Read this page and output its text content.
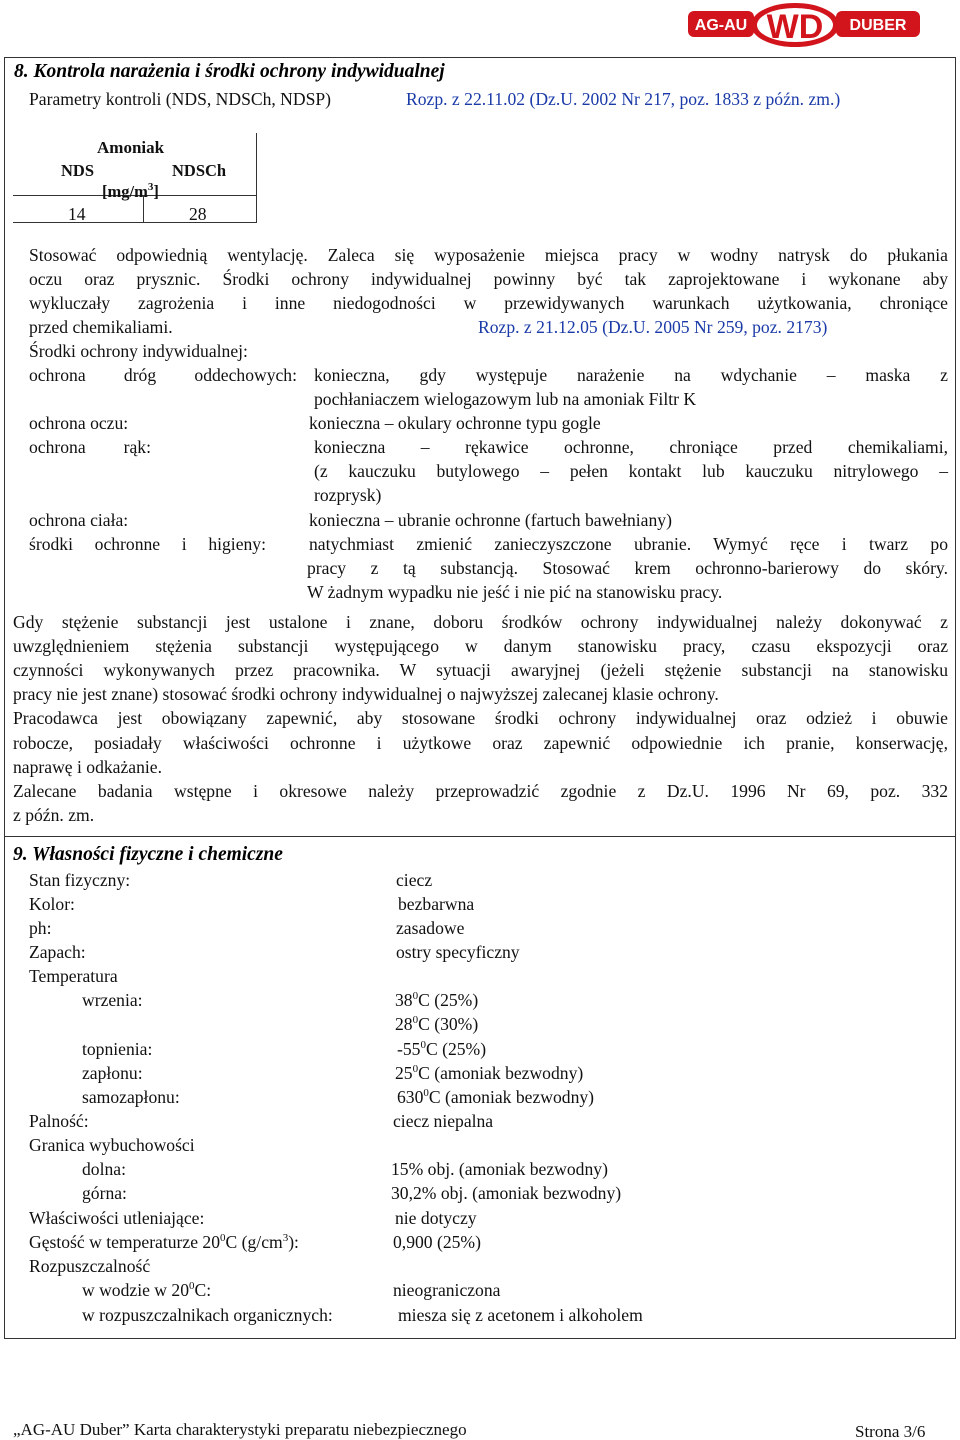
AG-AU	DUBER
WD
8. Kontrola narażenia i środki ochrony indywidualnej
Parametry kontroli (NDS, NDSCh, NDSP)	Rozp. z 22.11.02 (Dz.U. 2002 Nr 217, poz. 1833 z późn. zm.)
Amoniak
NDS	NDSCh
$[mg/m^3]$
14	28
Stosować odpowiednią wentylację. Zaleca się wyposażenie miejsca pracy w wodny natrysk do płukania
oczu oraz prysznic. Środki ochrony indywidualnej powinny być tak zaprojektowane i wykonane aby
wykluczały zagrożenia i inne niedogodności w przewidywanych warunkach użytkowania, chroniące
przed chemikaliami.	Rozp. z 21.12.05 (Dz.U. 2005 Nr 259, poz. 2173)
Środki ochrony indywidualnej:
ochrona dróg oddechowych: konieczna, gdy występuje narażenie na wdychanie – maska z
pochłaniaczem wielogazowym lub na amoniak Filtr K
ochrona oczu:	konieczna – okulary ochronne typu gogle
ochrona rąk:	konieczna – rękawice ochronne, chroniące przed chemikaliami,
(z kauczuku butylowego – pełen kontakt lub kauczuku nitrylowego –
rozprysk)
ochrona ciała:	konieczna – ubranie ochronne (fartuch bawełniany)
środki ochronne i higieny: natychmiast zmienić zanieczyszczone ubranie. Wymyć ręce i twarz po
pracy z tą substancją. Stosować krem ochronno-barierowy do skóry.
W żadnym wypadku nie jeść i nie pić na stanowisku pracy.
Gdy stężenie substancji jest ustalone i znane, doboru środków ochrony indywidualnej należy dokonywać z
uwzględnieniem stężenia substancji występującego w danym stanowisku pracy, czasu ekspozycji oraz
czynności wykonywanych przez pracownika. W sytuacji awaryjnej (jeżeli stężenie substancji na stanowisku
pracy nie jest znane) stosować środki ochrony indywidualnej o najwyższej zalecanej klasie ochrony.
Pracodawca jest obowiązany zapewnić, aby stosowane środki ochrony indywidualnej oraz odzież i obuwie
robocze, posiadały właściwości ochronne i użytkowe oraz zapewnić odpowiednie ich pranie, konserwację,
naprawę i odkażanie.
Zalecane badania wstępne i okresowe należy przeprowadzić zgodnie z Dz.U. 1996 Nr 69, poz. 332
z późn. zm.
9. Własności fizyczne i chemiczne
Stan fizyczny:	ciecz
Kolor:	bezbarwna
ph:	zasadowe
Zapach:	ostry specyficzny
Temperatura
wrzenia:	$38^0C$ (25%)
$28^0C$ (30%)
topnienia:	$-55^0C$ (25%)
zapłonu:	$25^0C$ (amoniak bezwodny)
samozapłonu:	$630^0C$ (amoniak bezwodny)
Palność:	ciecz niepalna
Granica wybuchowości
dolna:	15% obj. (amoniak bezwodny)
górna:	30,2% obj. (amoniak bezwodny)
Właściwości utleniające:	nie dotyczy
Gęstość w temperaturze $20^0C$ $(g/cm^3)$:	0,900 (25%)
Rozpuszczalność
w wodzie w $20^0C$:	nieograniczona
w rozpuszczalnikach organicznych:	miesza się z acetonem i alkoholem
„AG-AU Duber” Karta charakterystyki preparatu niebezpiecznego	Strona 3/6
